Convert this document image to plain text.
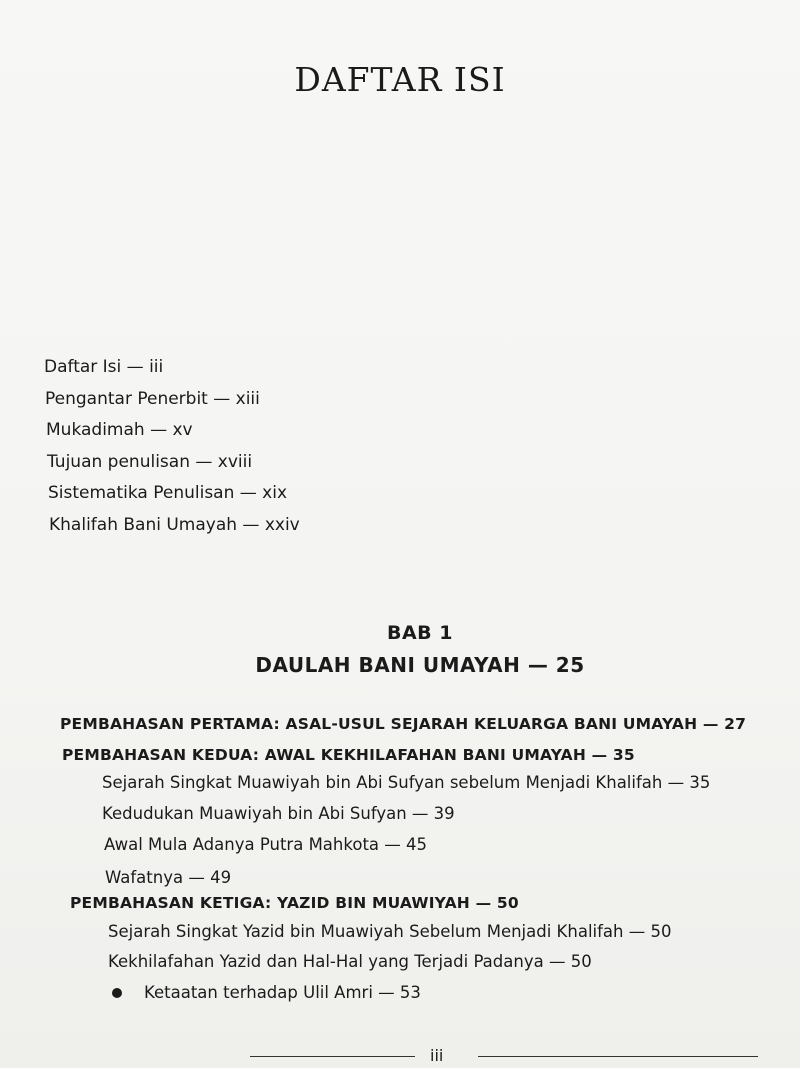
DAFTAR ISI
Daftar Isi — iii
Pengantar Penerbit — xiii
Mukadimah — xv
Tujuan penulisan — xviii
Sistematika Penulisan — xix
Khalifah Bani Umayah — xxiv
BAB 1
DAULAH BANI UMAYAH — 25
PEMBAHASAN PERTAMA: ASAL-USUL SEJARAH KELUARGA BANI UMAYAH — 27
PEMBAHASAN KEDUA: AWAL KEKHILAFAHAN BANI UMAYAH — 35
Sejarah Singkat Muawiyah bin Abi Sufyan sebelum Menjadi Khalifah — 35
Kedudukan Muawiyah bin Abi Sufyan — 39
Awal Mula Adanya Putra Mahkota — 45
Wafatnya — 49
PEMBAHASAN KETIGA: YAZID BIN MUAWIYAH — 50
Sejarah Singkat Yazid bin Muawiyah Sebelum Menjadi Khalifah — 50
Kekhilafahan Yazid dan Hal-Hal yang Terjadi Padanya — 50
Ketaatan terhadap Ulil Amri — 53
iii
